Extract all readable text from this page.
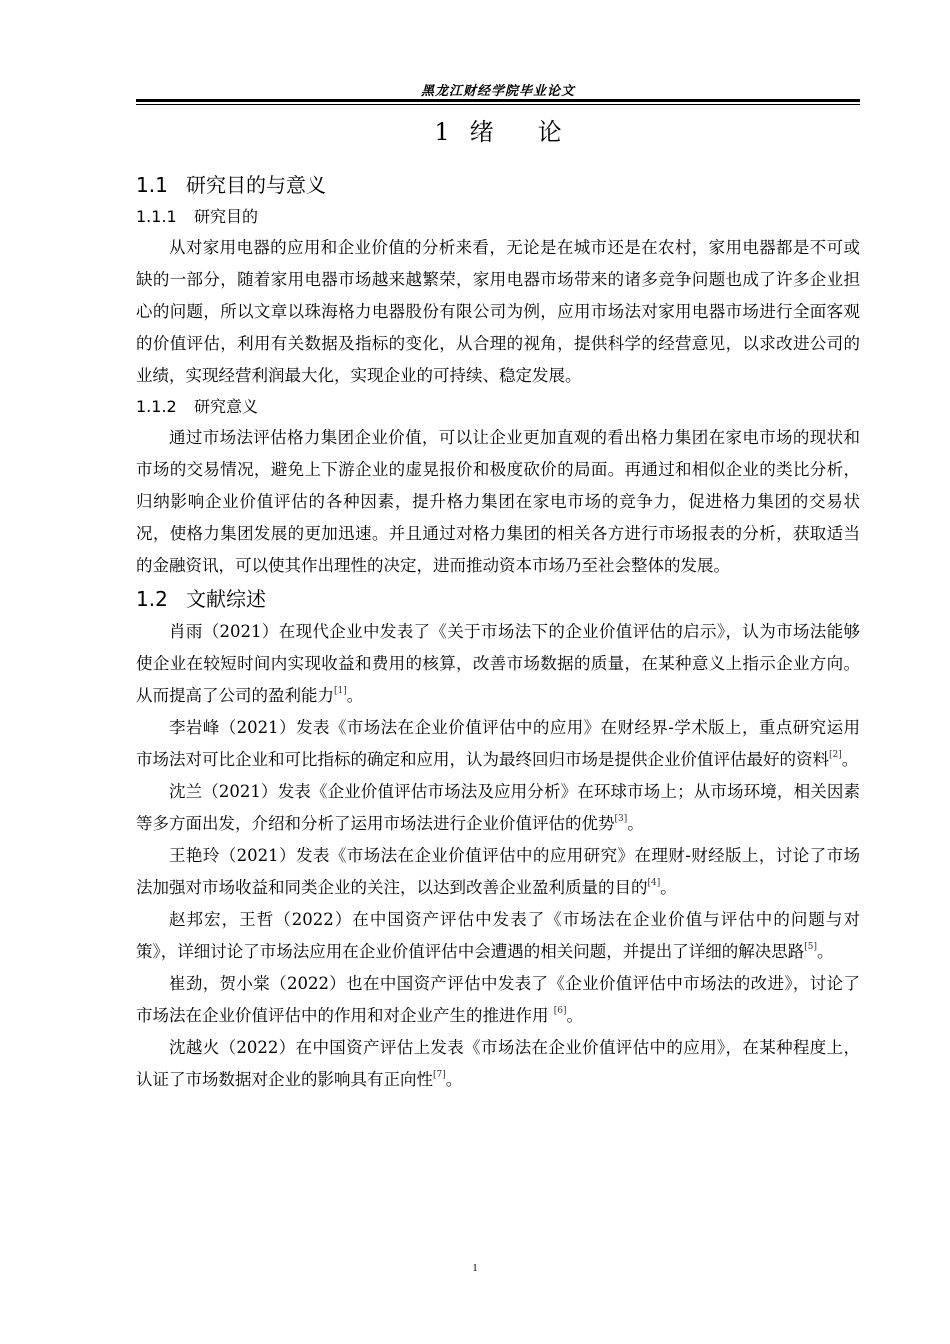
黑龙江财经学院毕业论文
1 绪 论
1.1 研究目的与意义
1.1.1 研究目的

从对家用电器的应用和企业价值的分析来看，无论是在城市还是在农村，家用电器都是不可或缺的一部分，随着家用电器市场越来越繁荣，家用电器市场带来的诸多竞争问题也成了许多企业担心的问题，所以文章以珠海格力电器股份有限公司为例，应用市场法对家用电器市场进行全面客观的价值评估，利用有关数据及指标的变化，从合理的视角，提供科学的经营意见，以求改进公司的业绩，实现经营利润最大化，实现企业的可持续、稳定发展。

1.1.2 研究意义

通过市场法评估格力集团企业价值，可以让企业更加直观的看出格力集团在家电市场的现状和市场的交易情况，避免上下游企业的虚晃报价和极度砍价的局面。再通过和相似企业的类比分析，归纳影响企业价值评估的各种因素，提升格力集团在家电市场的竞争力，促进格力集团的交易状况，使格力集团发展的更加迅速。并且通过对格力集团的相关各方进行市场报表的分析，获取适当的金融资讯，可以使其作出理性的决定，进而推动资本市场乃至社会整体的发展。

1.2 文献综述

肖雨（2021）在现代企业中发表了《关于市场法下的企业价值评估的启示》，认为市场法能够使企业在较短时间内实现收益和费用的核算，改善市场数据的质量，在某种意义上指示企业方向。从而提高了公司的盈利能力[1]。

李岩峰（2021）发表《市场法在企业价值评估中的应用》在财经界-学术版上，重点研究运用市场法对可比企业和可比指标的确定和应用，认为最终回归市场是提供企业价值评估最好的资料[2]。

沈兰（2021）发表《企业价值评估市场法及应用分析》在环球市场上；从市场环境，相关因素等多方面出发，介绍和分析了运用市场法进行企业价值评估的优势[3]。

王艳玲（2021）发表《市场法在企业价值评估中的应用研究》在理财-财经版上，讨论了市场法加强对市场收益和同类企业的关注，以达到改善企业盈利质量的目的[4]。

赵邦宏，王哲（2022）在中国资产评估中发表了《市场法在企业价值与评估中的问题与对策》，详细讨论了市场法应用在企业价值评估中会遭遇的相关问题，并提出了详细的解决思路[5]。

崔劲，贺小棠（2022）也在中国资产评估中发表了《企业价值评估中市场法的改进》，讨论了市场法在企业价值评估中的作用和对企业产生的推进作用 [6]。

沈越火（2022）在中国资产评估上发表《市场法在企业价值评估中的应用》，在某种程度上，认证了市场数据对企业的影响具有正向性[7]。

1
